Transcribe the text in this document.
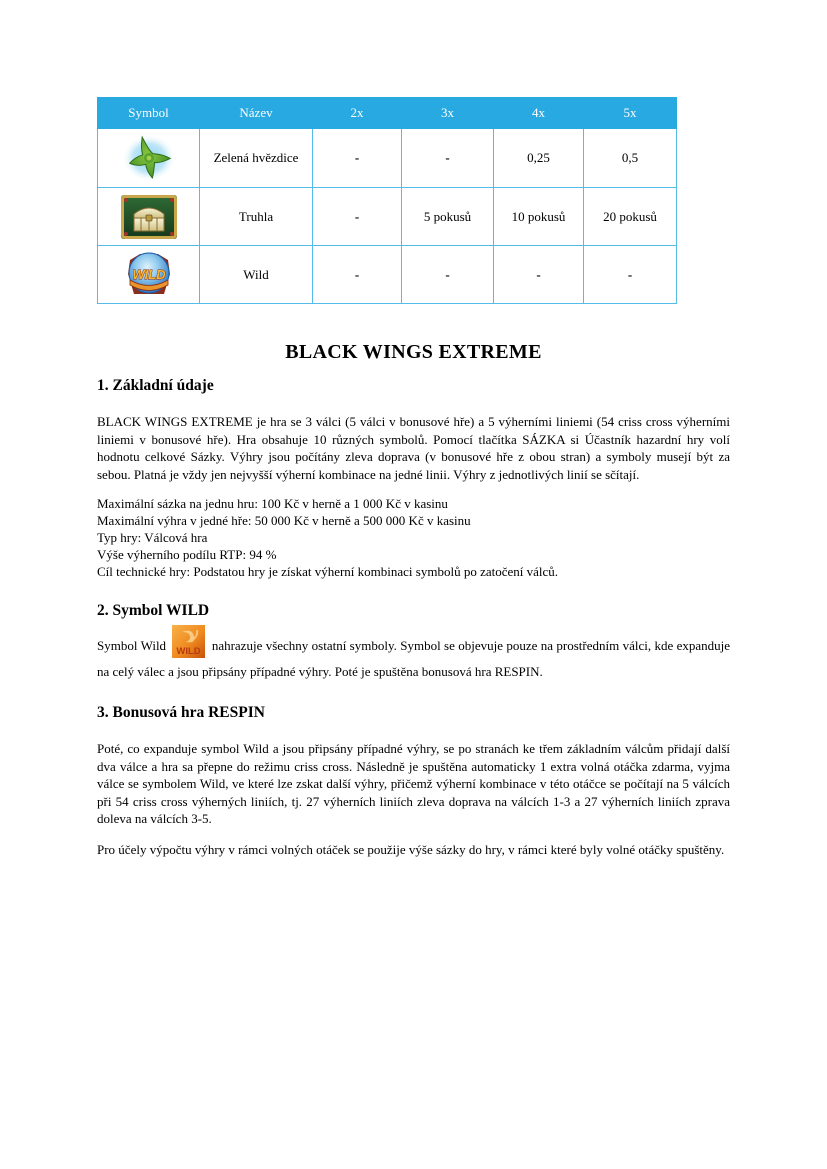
Symbol	Název	2x	3x	4x	5x

	Zelená hvězdice	-	-	0,25	0,5

	Truhla	-	5 pokusů	10 pokusů	20 pokusů

WILD	Wild	-	-	-	-
BLACK WINGS EXTREME
1. Základní údaje

BLACK WINGS EXTREME je hra se 3 válci (5 válci v bonusové hře) a 5 výherními liniemi (54 criss cross výherními liniemi v bonusové hře). Hra obsahuje 10 různých symbolů. Pomocí tlačítka SÁZKA si Účastník hazardní hry volí hodnotu celkové Sázky. Výhry jsou počítány zleva doprava (v bonusové hře z obou stran) a symboly musejí být za sebou. Platná je vždy jen nejvyšší výherní kombinace na jedné linii. Výhry z jednotlivých linií se sčítají.

Maximální sázka na jednu hru: 100 Kč v herně a 1 000 Kč v kasinu
Maximální výhra v jedné hře: 50 000 Kč v herně a 500 000 Kč v kasinu
Typ hry: Válcová hra
Výše výherního podílu RTP: 94 %
Cíl technické hry: Podstatou hry je získat výherní kombinaci symbolů po zatočení válců.
2. Symbol WILD

Symbol Wild WILD nahrazuje všechny ostatní symboly. Symbol se objevuje pouze na prostředním válci, kde expanduje na celý válec a jsou připsány případné výhry. Poté je spuštěna bonusová hra RESPIN.

3. Bonusová hra RESPIN

Poté, co expanduje symbol Wild a jsou připsány případné výhry, se po stranách ke třem základním válcům přidají další dva válce a hra sa přepne do režimu criss cross. Následně je spuštěna automaticky 1 extra volná otáčka zdarma, vyjma válce se symbolem Wild, ve které lze zskat další výhry, přičemž výherní kombinace v této otáčce se počítají na 5 válcích při 54 criss cross výherných liniích, tj. 27 výherních liniích zleva doprava na válcích 1-3 a 27 výherních liniích zprava doleva na válcích 3-5.

Pro účely výpočtu výhry v rámci volných otáček se použije výše sázky do hry, v rámci které byly volné otáčky spuštěny.
